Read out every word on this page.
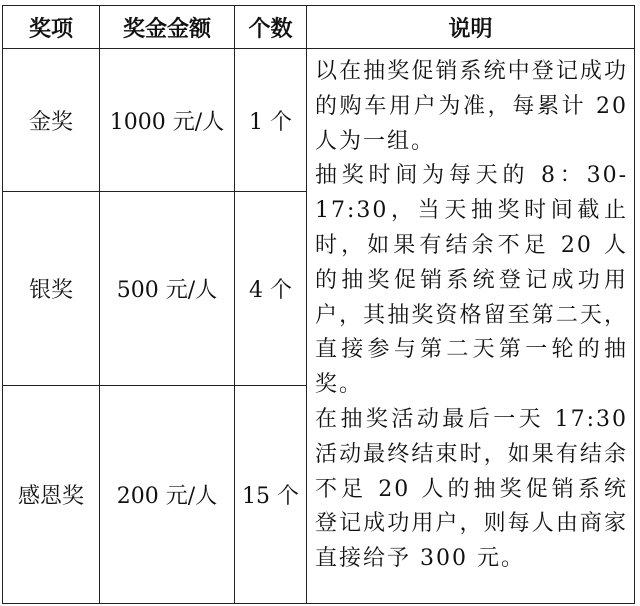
奖项	奖金金额	个数	说明
金奖	1000 元/人	1 个	以在抽奖促销系统中登记成功的购车用户为准，每累计 20 人为一组。
抽奖时间为每天的 8：30-17:30，当天抽奖时间截止时，如果有结余不足 20 人的抽奖促销系统登记成功用户，其抽奖资格留至第二天，直接参与第二天第一轮的抽奖。
在抽奖活动最后一天 17:30 活动最终结束时，如果有结余不足 20 人的抽奖促销系统登记成功用户，则每人由商家直接给予 300 元。

银奖	500 元/人	4 个	
感恩奖	200 元/人	15 个	
